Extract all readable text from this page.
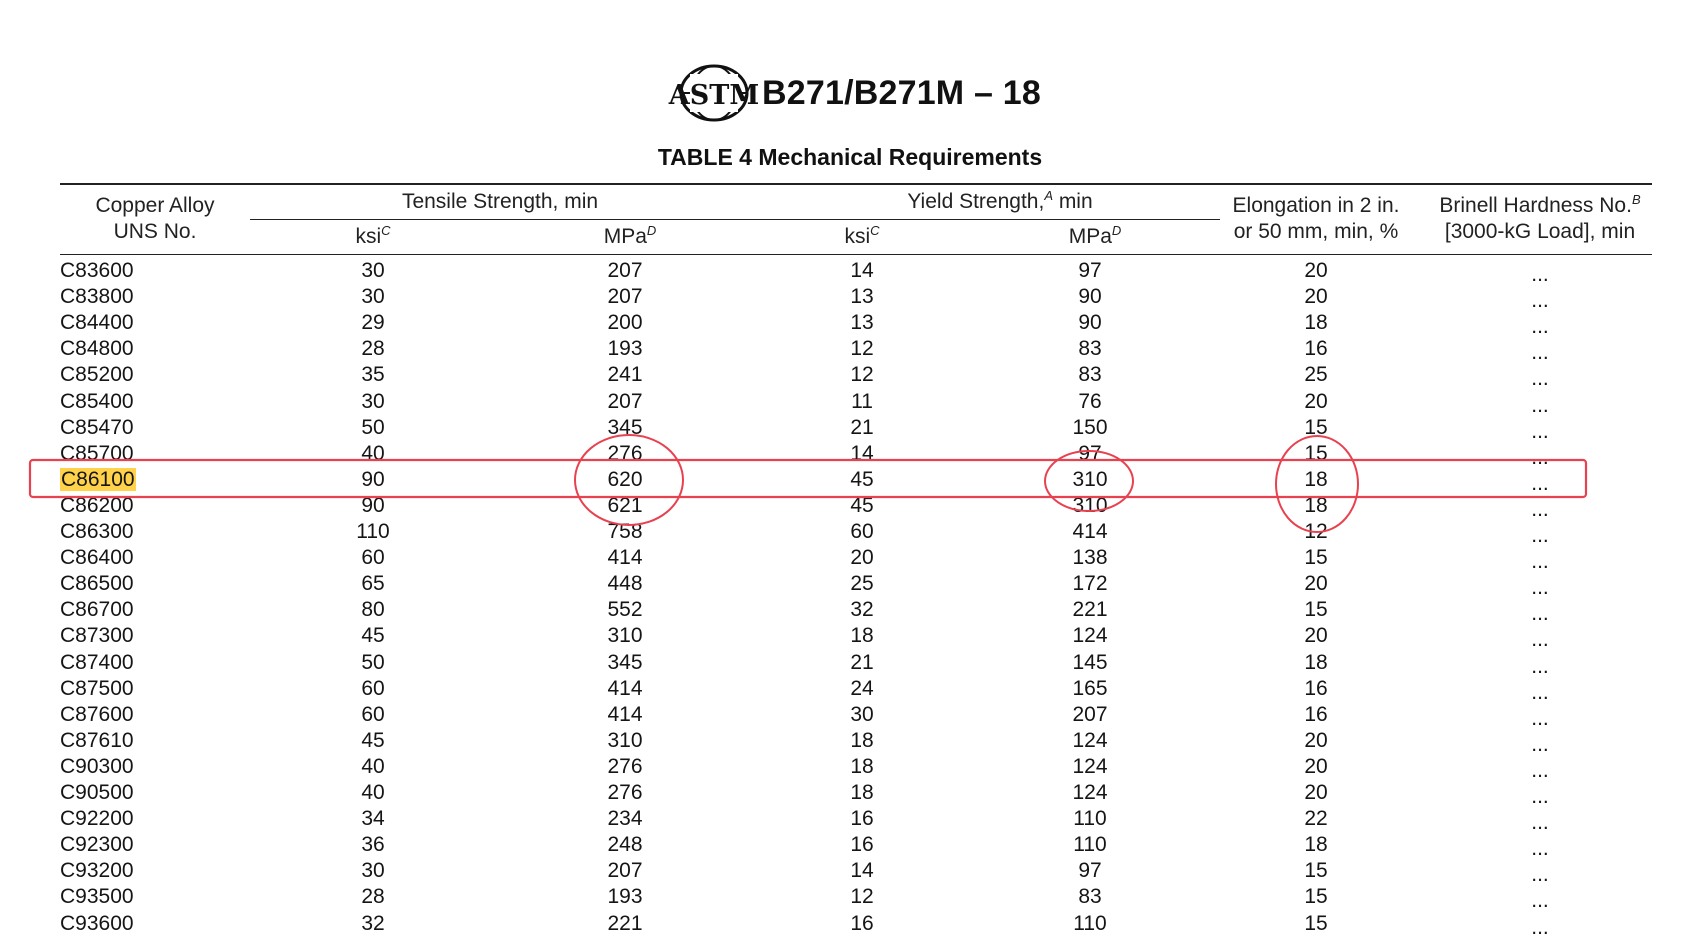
ASTM B271/B271M – 18
TABLE 4 Mechanical Requirements
Copper Alloy
UNS No.
Tensile Strength, min	Yield Strength,$^A$ min
ksi$^C$	MPa$^D$	ksi$^C$	MPa$^D$
Elongation in 2 in.
or 50 mm, min, %
Brinell Hardness No.$^B$
[3000-kG Load], min
C83600	30	207	14	97	20	...
C83800	30	207	13	90	20	...
C84400	29	200	13	90	18	...
C84800	28	193	12	83	16	...
C85200	35	241	12	83	25	...
C85400	30	207	11	76	20	...
C85470	50	345	21	150	15	...
C85700	40	276	14	97	15	...
C86100	90	620	45	310	18	...
C86200	90	621	45	310	18	...
C86300	110	758	60	414	12	...
C86400	60	414	20	138	15	...
C86500	65	448	25	172	20	...
C86700	80	552	32	221	15	...
C87300	45	310	18	124	20	...
C87400	50	345	21	145	18	...
C87500	60	414	24	165	16	...
C87600	60	414	30	207	16	...
C87610	45	310	18	124	20	...
C90300	40	276	18	124	20	...
C90500	40	276	18	124	20	...
C92200	34	234	16	110	22	...
C92300	36	248	16	110	18	...
C93200	30	207	14	97	15	...
C93500	28	193	12	83	15	...
C93600	32	221	16	110	15	...
